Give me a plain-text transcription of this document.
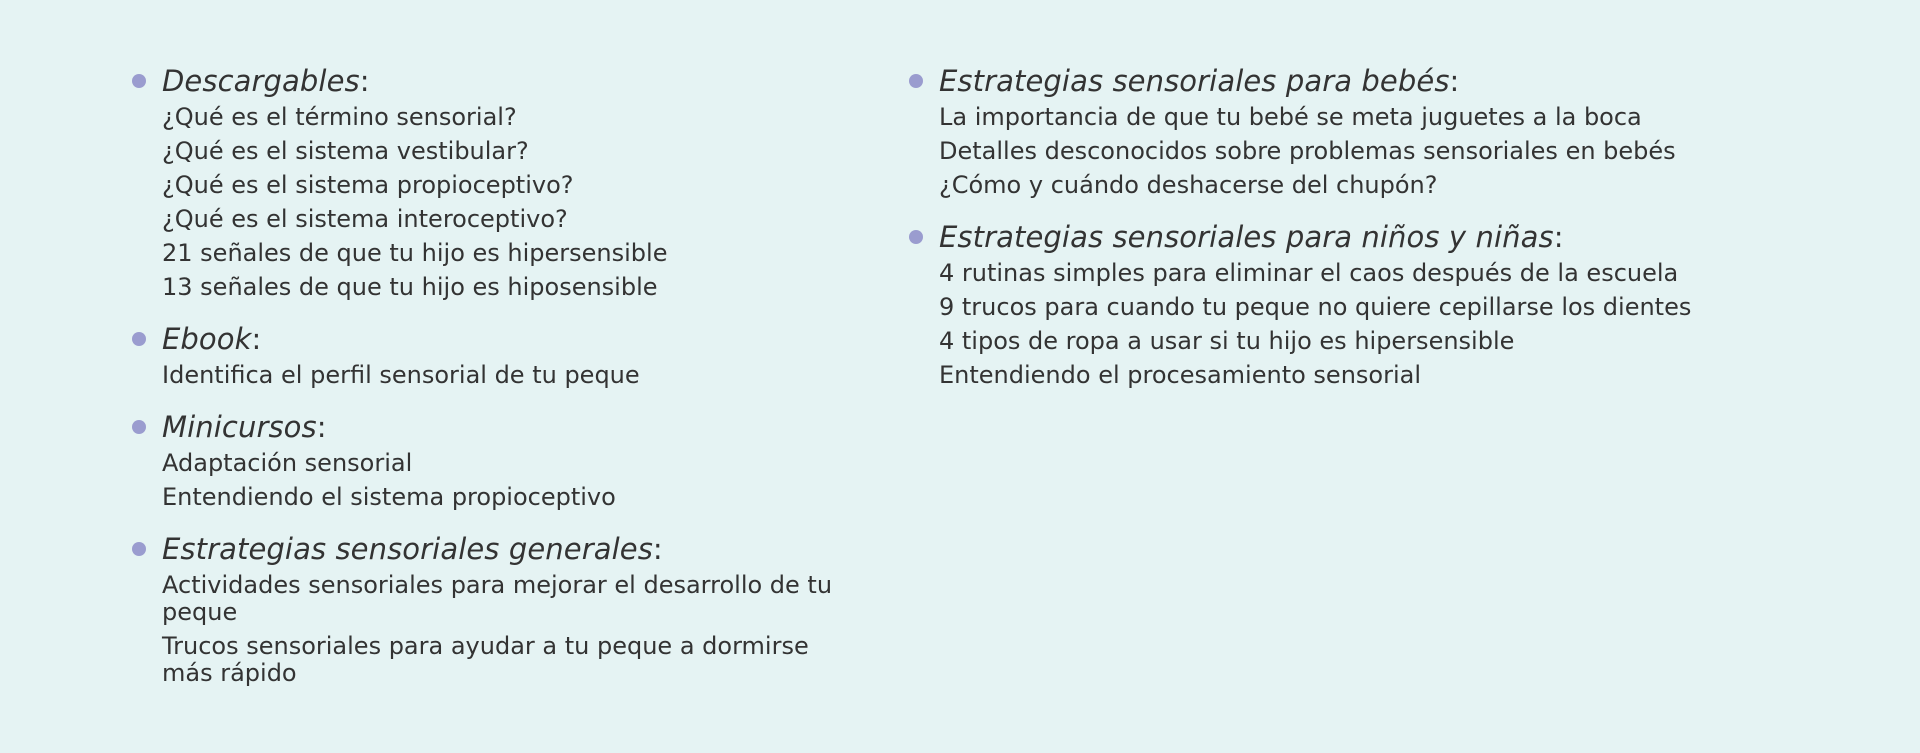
Descargables:
¿Qué es el término sensorial?
¿Qué es el sistema vestibular?
¿Qué es el sistema propioceptivo?
¿Qué es el sistema interoceptivo?
21 señales de que tu hijo es hipersensible
13 señales de que tu hijo es hiposensible
Ebook:
Identifica el perfil sensorial de tu peque
Minicursos:
Adaptación sensorial
Entendiendo el sistema propioceptivo
Estrategias sensoriales generales:
Actividades sensoriales para mejorar el desarrollo de tu peque
Trucos sensoriales para ayudar a tu peque a dormirse más rápido
Estrategias sensoriales para bebés:
La importancia de que tu bebé se meta juguetes a la boca
Detalles desconocidos sobre problemas sensoriales en bebés
¿Cómo y cuándo deshacerse del chupón?
Estrategias sensoriales para niños y niñas:
4 rutinas simples para eliminar el caos después de la escuela
9 trucos para cuando tu peque no quiere cepillarse los dientes
4 tipos de ropa a usar si tu hijo es hipersensible
Entendiendo el procesamiento sensorial
